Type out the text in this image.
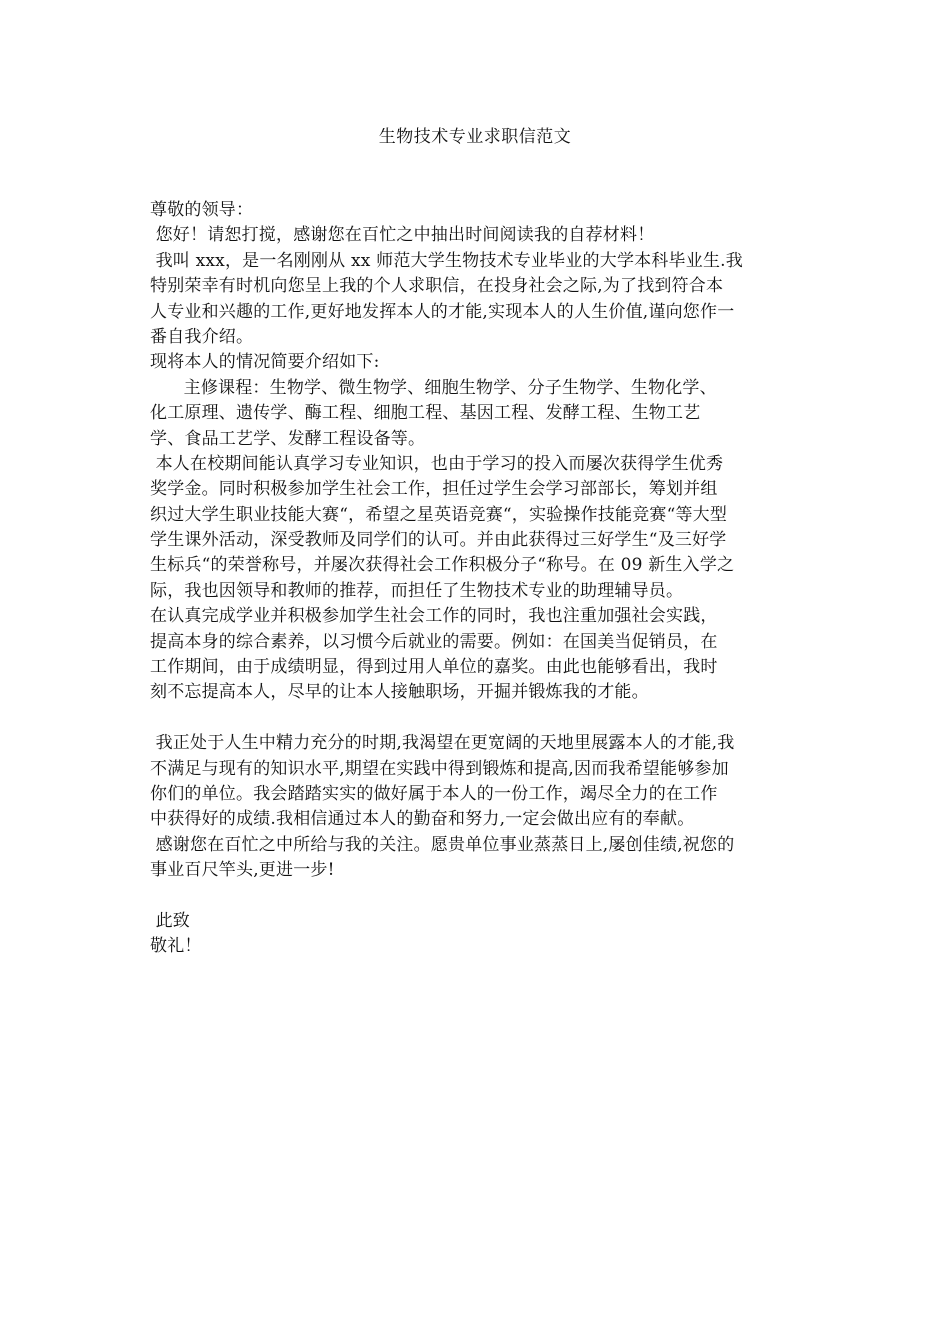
生物技术专业求职信范文
尊敬的领导：
您好！请恕打搅，感谢您在百忙之中抽出时间阅读我的自荐材料！
我叫 xxx，是一名刚刚从 xx 师范大学生物技术专业毕业的大学本科毕业生.我
特别荣幸有时机向您呈上我的个人求职信，在投身社会之际,为了找到符合本
人专业和兴趣的工作,更好地发挥本人的才能,实现本人的人生价值,谨向您作一
番自我介绍。
现将本人的情况简要介绍如下:
主修课程：生物学、微生物学、细胞生物学、分子生物学、生物化学、
化工原理、遗传学、酶工程、细胞工程、基因工程、发酵工程、生物工艺
学、食品工艺学、发酵工程设备等。
本人在校期间能认真学习专业知识，也由于学习的投入而屡次获得学生优秀
奖学金。同时积极参加学生社会工作，担任过学生会学习部部长，筹划并组
织过大学生职业技能大赛“，希望之星英语竞赛“，实验操作技能竞赛“等大型
学生课外活动，深受教师及同学们的认可。并由此获得过三好学生“及三好学
生标兵“的荣誉称号，并屡次获得社会工作积极分子“称号。在 09 新生入学之
际，我也因领导和教师的推荐，而担任了生物技术专业的助理辅导员。
在认真完成学业并积极参加学生社会工作的同时，我也注重加强社会实践，
提高本身的综合素养，以习惯今后就业的需要。例如：在国美当促销员，在
工作期间，由于成绩明显，得到过用人单位的嘉奖。由此也能够看出，我时
刻不忘提高本人，尽早的让本人接触职场，开掘并锻炼我的才能。
我正处于人生中精力充分的时期,我渴望在更宽阔的天地里展露本人的才能,我
不满足与现有的知识水平,期望在实践中得到锻炼和提高,因而我希望能够参加
你们的单位。我会踏踏实实的做好属于本人的一份工作，竭尽全力的在工作
中获得好的成绩.我相信通过本人的勤奋和努力,一定会做出应有的奉献。
感谢您在百忙之中所给与我的关注。愿贵单位事业蒸蒸日上,屡创佳绩,祝您的
事业百尺竿头,更进一步!
此致
敬礼！
